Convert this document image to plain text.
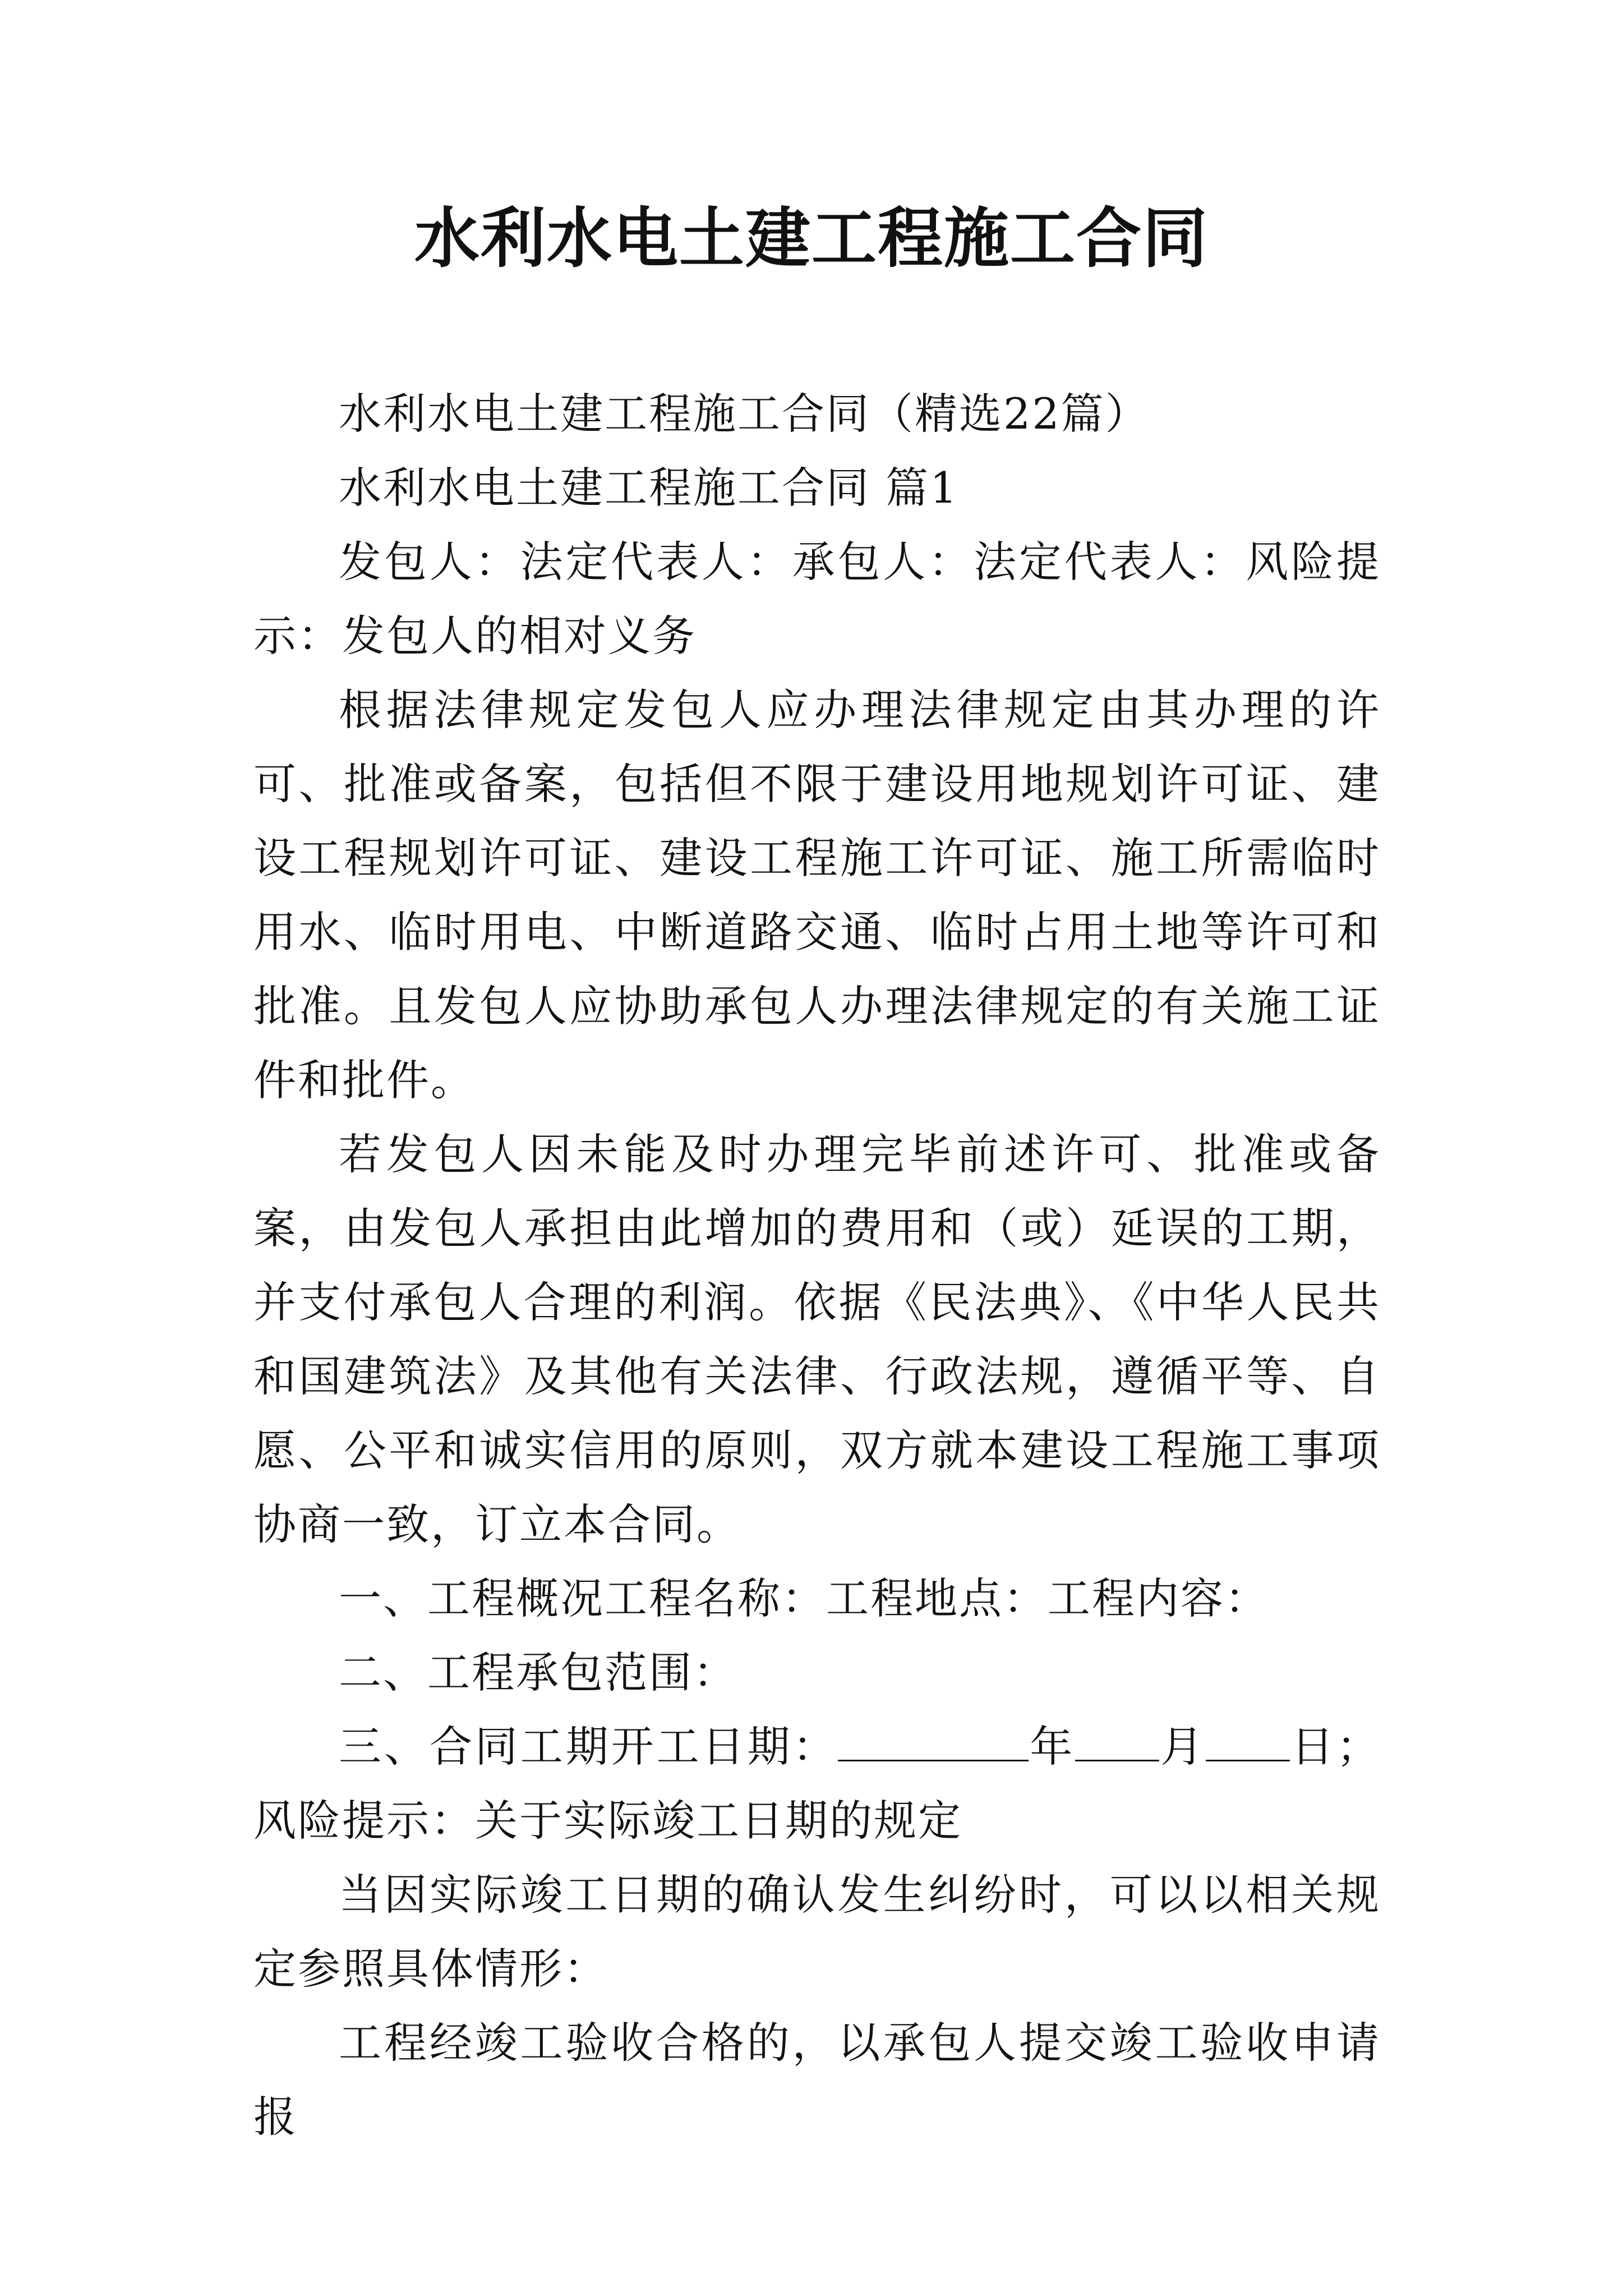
水利水电土建工程施工合同

水利水电土建工程施工合同（精选22篇）

水利水电土建工程施工合同 篇1

发包人：法定代表人：承包人：法定代表人：风险提示：发包人的相对义务

根据法律规定发包人应办理法律规定由其办理的许可、批准或备案，包括但不限于建设用地规划许可证、建设工程规划许可证、建设工程施工许可证、施工所需临时用水、临时用电、中断道路交通、临时占用土地等许可和批准。且发包人应协助承包人办理法律规定的有关施工证件和批件。

若发包人因未能及时办理完毕前述许可、批准或备案，由发包人承担由此增加的费用和（或）延误的工期，并支付承包人合理的利润。依据《民法典》、《中华人民共和国建筑法》及其他有关法律、行政法规，遵循平等、自愿、公平和诚实信用的原则，双方就本建设工程施工事项协商一致，订立本合同。

一、工程概况工程名称：工程地点：工程内容：

二、工程承包范围：

三、合同工期开工日期：	年 月 日；风险提示：关于实际竣工日期的规定

当因实际竣工日期的确认发生纠纷时，可以以相关规定参照具体情形：

工程经竣工验收合格的，以承包人提交竣工验收申请报
